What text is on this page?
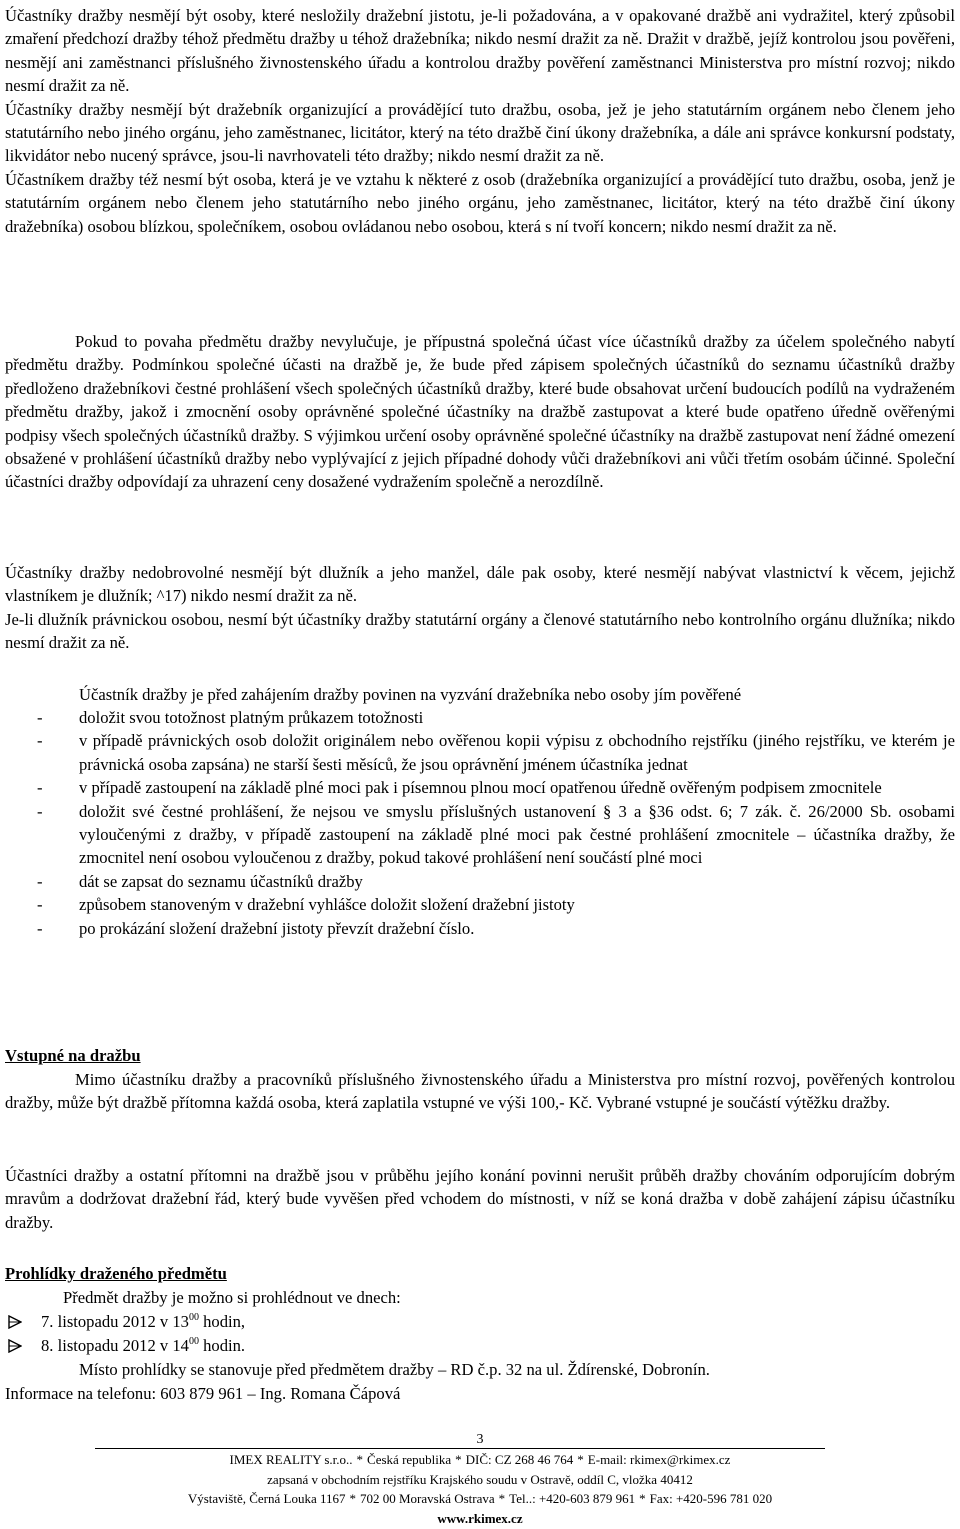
Účastníky dražby nesmějí být osoby, které nesložily dražební jistotu, je-li požadována, a v opakované dražbě ani vydražitel, který způsobil zmaření předchozí dražby téhož předmětu dražby u téhož dražebníka; nikdo nesmí dražit za ně. Dražit v dražbě, jejíž kontrolou jsou pověřeni, nesmějí ani zaměstnanci příslušného živnostenského úřadu a kontrolou dražby pověření zaměstnanci Ministerstva pro místní rozvoj; nikdo nesmí dražit za ně.

Účastníky dražby nesmějí být dražebník organizující a provádějící tuto dražbu, osoba, jež je jeho statutárním orgánem nebo členem jeho statutárního nebo jiného orgánu, jeho zaměstnanec, licitátor, který na této dražbě činí úkony dražebníka, a dále ani správce konkursní podstaty, likvidátor nebo nucený správce, jsou-li navrhovateli této dražby; nikdo nesmí dražit za ně.

Účastníkem dražby též nesmí být osoba, která je ve vztahu k některé z osob (dražebníka organizující a provádějící tuto dražbu, osoba, jenž je statutárním orgánem nebo členem jeho statutárního nebo jiného orgánu, jeho zaměstnanec, licitátor, který na této dražbě činí úkony dražebníka) osobou blízkou, společníkem, osobou ovládanou nebo osobou, která s ní tvoří koncern; nikdo nesmí dražit za ně.

Pokud to povaha předmětu dražby nevylučuje, je přípustná společná účast více účastníků dražby za účelem společného nabytí předmětu dražby. Podmínkou společné účasti na dražbě je, že bude před zápisem společných účastníků do seznamu účastníků dražby předloženo dražebníkovi čestné prohlášení všech společných účastníků dražby, které bude obsahovat určení budoucích podílů na vydraženém předmětu dražby, jakož i zmocnění osoby oprávněné společné účastníky na dražbě zastupovat a které bude opatřeno úředně ověřenými podpisy všech společných účastníků dražby. S výjimkou určení osoby oprávněné společné účastníky na dražbě zastupovat není žádné omezení obsažené v prohlášení účastníků dražby nebo vyplývající z jejich případné dohody vůči dražebníkovi ani vůči třetím osobám účinné. Společní účastníci dražby odpovídají za uhrazení ceny dosažené vydražením společně a nerozdílně.

Účastníky dražby nedobrovolné nesmějí být dlužník a jeho manžel, dále pak osoby, které nesmějí nabývat vlastnictví k věcem, jejichž vlastníkem je dlužník; ^17) nikdo nesmí dražit za ně.

Je-li dlužník právnickou osobou, nesmí být účastníky dražby statutární orgány a členové statutárního nebo kontrolního orgánu dlužníka; nikdo nesmí dražit za ně.

Účastník dražby je před zahájením dražby povinen na vyzvání dražebníka nebo osoby jím pověřené

- doložit svou totožnost platným průkazem totožnosti
- v případě právnických osob doložit originálem nebo ověřenou kopii výpisu z obchodního rejstříku (jiného rejstříku, ve kterém je právnická osoba zapsána) ne starší šesti měsíců, že jsou oprávnění jménem účastníka jednat
- v případě zastoupení na základě plné moci pak i písemnou plnou mocí opatřenou úředně ověřeným podpisem zmocnitele
- doložit své čestné prohlášení, že nejsou ve smyslu příslušných ustanovení § 3 a §36 odst. 6; 7 zák. č. 26/2000 Sb. osobami vyloučenými z dražby, v případě zastoupení na základě plné moci pak čestné prohlášení zmocnitele – účastníka dražby, že zmocnitel není osobou vyloučenou z dražby, pokud takové prohlášení není součástí plné moci
- dát se zapsat do seznamu účastníků dražby
- způsobem stanoveným v dražební vyhlášce doložit složení dražební jistoty
- po prokázání složení dražební jistoty převzít dražební číslo.

Vstupné na dražbu

Mimo účastníku dražby a pracovníků příslušného živnostenského úřadu a Ministerstva pro místní rozvoj, pověřených kontrolou dražby, může být dražbě přítomna každá osoba, která zaplatila vstupné ve výši 100,- Kč. Vybrané vstupné je součástí výtěžku dražby.

Účastníci dražby a ostatní přítomni na dražbě jsou v průběhu jejího konání povinni nerušit průběh dražby chováním odporujícím dobrým mravům a dodržovat dražební řád, který bude vyvěšen před vchodem do místnosti, v níž se koná dražba v době zahájení zápisu účastníku dražby.

Prohlídky draženého předmětu

Předmět dražby je možno si prohlédnout ve dnech:

7. listopadu 2012 v $13^{00}$ hodin,
8. listopadu 2012 v $14^{00}$ hodin.

Místo prohlídky se stanovuje před předmětem dražby – RD č.p. 32 na ul. Ždírenské, Dobronín.

Informace na telefonu: 603 879 961 – Ing. Romana Čápová

3
IMEX REALITY s.r.o.. * Česká republika * DIČ: CZ 268 46 764 * E-mail: rkimex@rkimex.cz
zapsaná v obchodním rejstříku Krajského soudu v Ostravě, oddíl C, vložka 40412
Výstaviště, Černá Louka 1167 * 702 00 Moravská Ostrava * Tel..: +420-603 879 961 * Fax: +420-596 781 020
www.rkimex.cz
